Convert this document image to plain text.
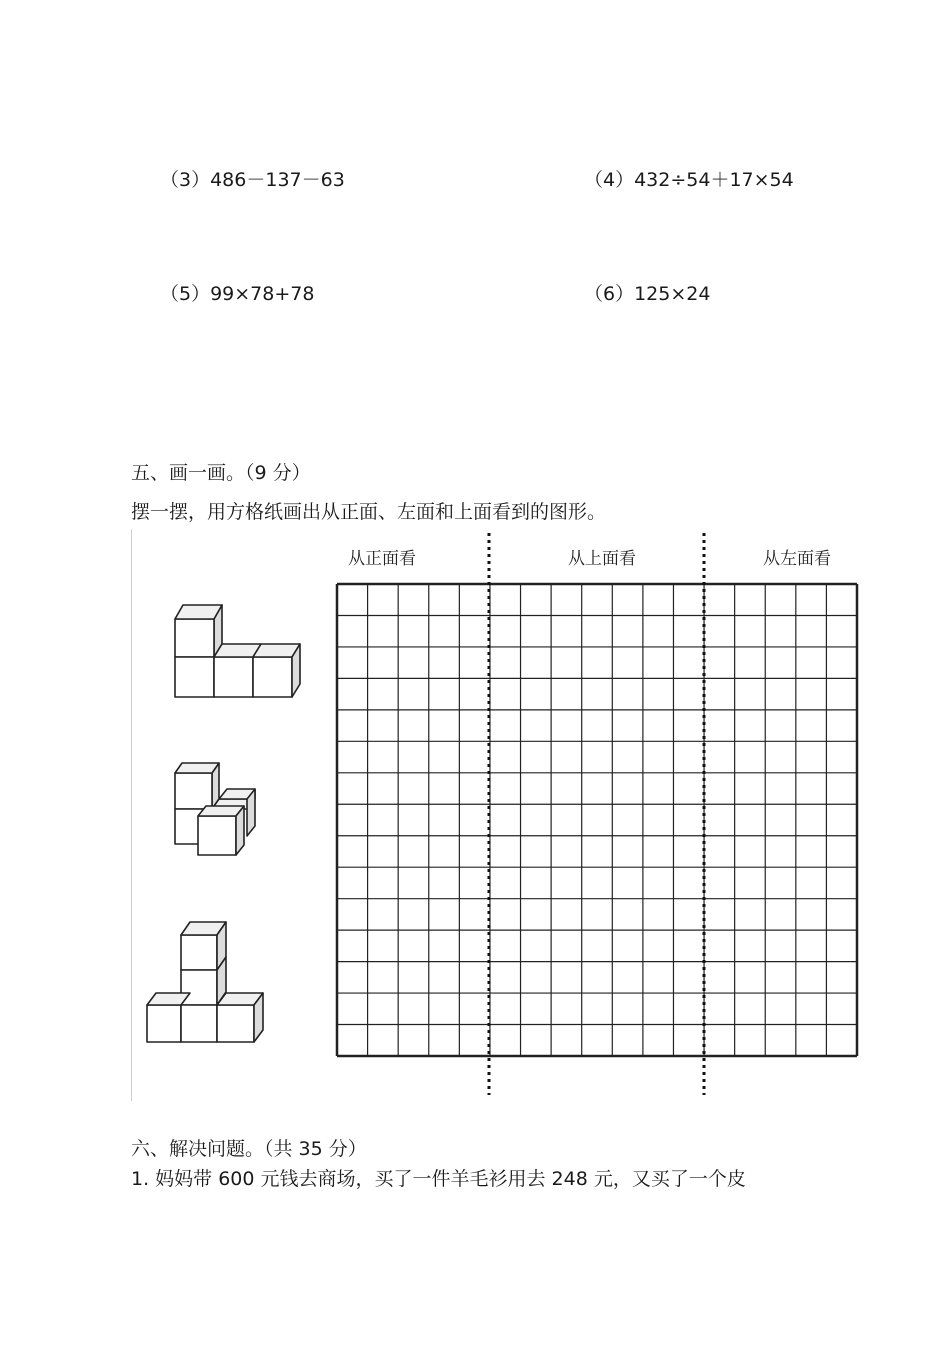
（3）486－137－63	（4）432÷54＋17×54
（5）99×78+78	（6）125×24
五、画一画。（9 分）
摆一摆，用方格纸画出从正面、左面和上面看到的图形。
从正面看	从上面看	从左面看
六、解决问题。（共 35 分）
1. 妈妈带 600 元钱去商场，买了一件羊毛衫用去 248 元，又买了一个皮
